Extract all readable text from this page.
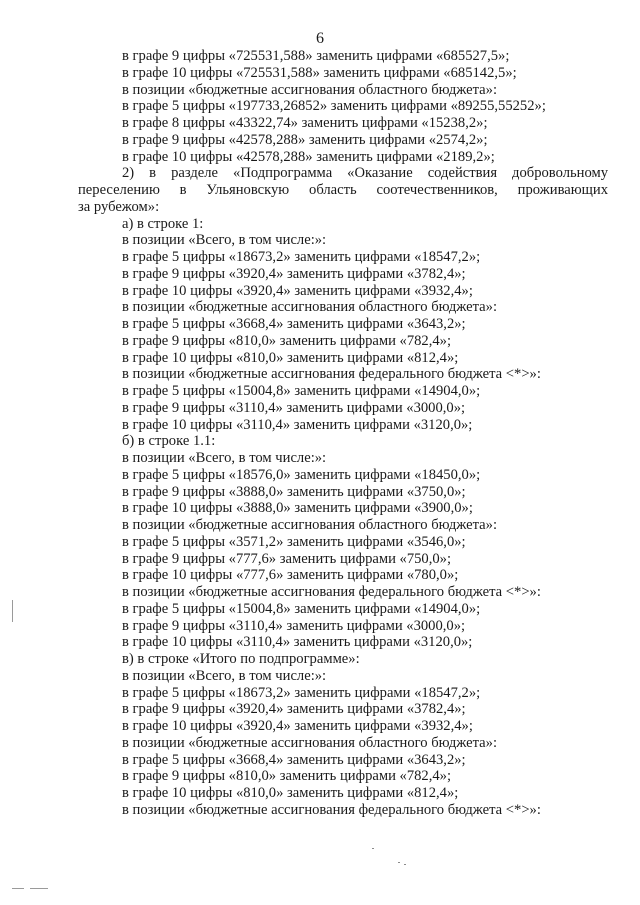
6
в графе 9 цифры «725531,588» заменить цифрами «685527,5»;
в графе 10 цифры «725531,588» заменить цифрами «685142,5»;
в позиции «бюджетные ассигнования областного бюджета»:
в графе 5 цифры «197733,26852» заменить цифрами «89255,55252»;
в графе 8 цифры «43322,74» заменить цифрами «15238,2»;
в графе 9 цифры «42578,288» заменить цифрами «2574,2»;
в графе 10 цифры «42578,288» заменить цифрами «2189,2»;
2) в разделе «Подпрограмма «Оказание содействия добровольному
переселению в Ульяновскую область соотечественников, проживающих
за рубежом»:
а) в строке 1:
в позиции «Всего, в том числе:»:
в графе 5 цифры «18673,2» заменить цифрами «18547,2»;
в графе 9 цифры «3920,4» заменить цифрами «3782,4»;
в графе 10 цифры «3920,4» заменить цифрами «3932,4»;
в позиции «бюджетные ассигнования областного бюджета»:
в графе 5 цифры «3668,4» заменить цифрами «3643,2»;
в графе 9 цифры «810,0» заменить цифрами «782,4»;
в графе 10 цифры «810,0» заменить цифрами «812,4»;
в позиции «бюджетные ассигнования федерального бюджета <*>»:
в графе 5 цифры «15004,8» заменить цифрами «14904,0»;
в графе 9 цифры «3110,4» заменить цифрами «3000,0»;
в графе 10 цифры «3110,4» заменить цифрами «3120,0»;
б) в строке 1.1:
в позиции «Всего, в том числе:»:
в графе 5 цифры «18576,0» заменить цифрами «18450,0»;
в графе 9 цифры «3888,0» заменить цифрами «3750,0»;
в графе 10 цифры «3888,0» заменить цифрами «3900,0»;
в позиции «бюджетные ассигнования областного бюджета»:
в графе 5 цифры «3571,2» заменить цифрами «3546,0»;
в графе 9 цифры «777,6» заменить цифрами «750,0»;
в графе 10 цифры «777,6» заменить цифрами «780,0»;
в позиции «бюджетные ассигнования федерального бюджета <*>»:
в графе 5 цифры «15004,8» заменить цифрами «14904,0»;
в графе 9 цифры «3110,4» заменить цифрами «3000,0»;
в графе 10 цифры «3110,4» заменить цифрами «3120,0»;
в) в строке «Итого по подпрограмме»:
в позиции «Всего, в том числе:»:
в графе 5 цифры «18673,2» заменить цифрами «18547,2»;
в графе 9 цифры «3920,4» заменить цифрами «3782,4»;
в графе 10 цифры «3920,4» заменить цифрами «3932,4»;
в позиции «бюджетные ассигнования областного бюджета»:
в графе 5 цифры «3668,4» заменить цифрами «3643,2»;
в графе 9 цифры «810,0» заменить цифрами «782,4»;
в графе 10 цифры «810,0» заменить цифрами «812,4»;
в позиции «бюджетные ассигнования федерального бюджета <*>»:
